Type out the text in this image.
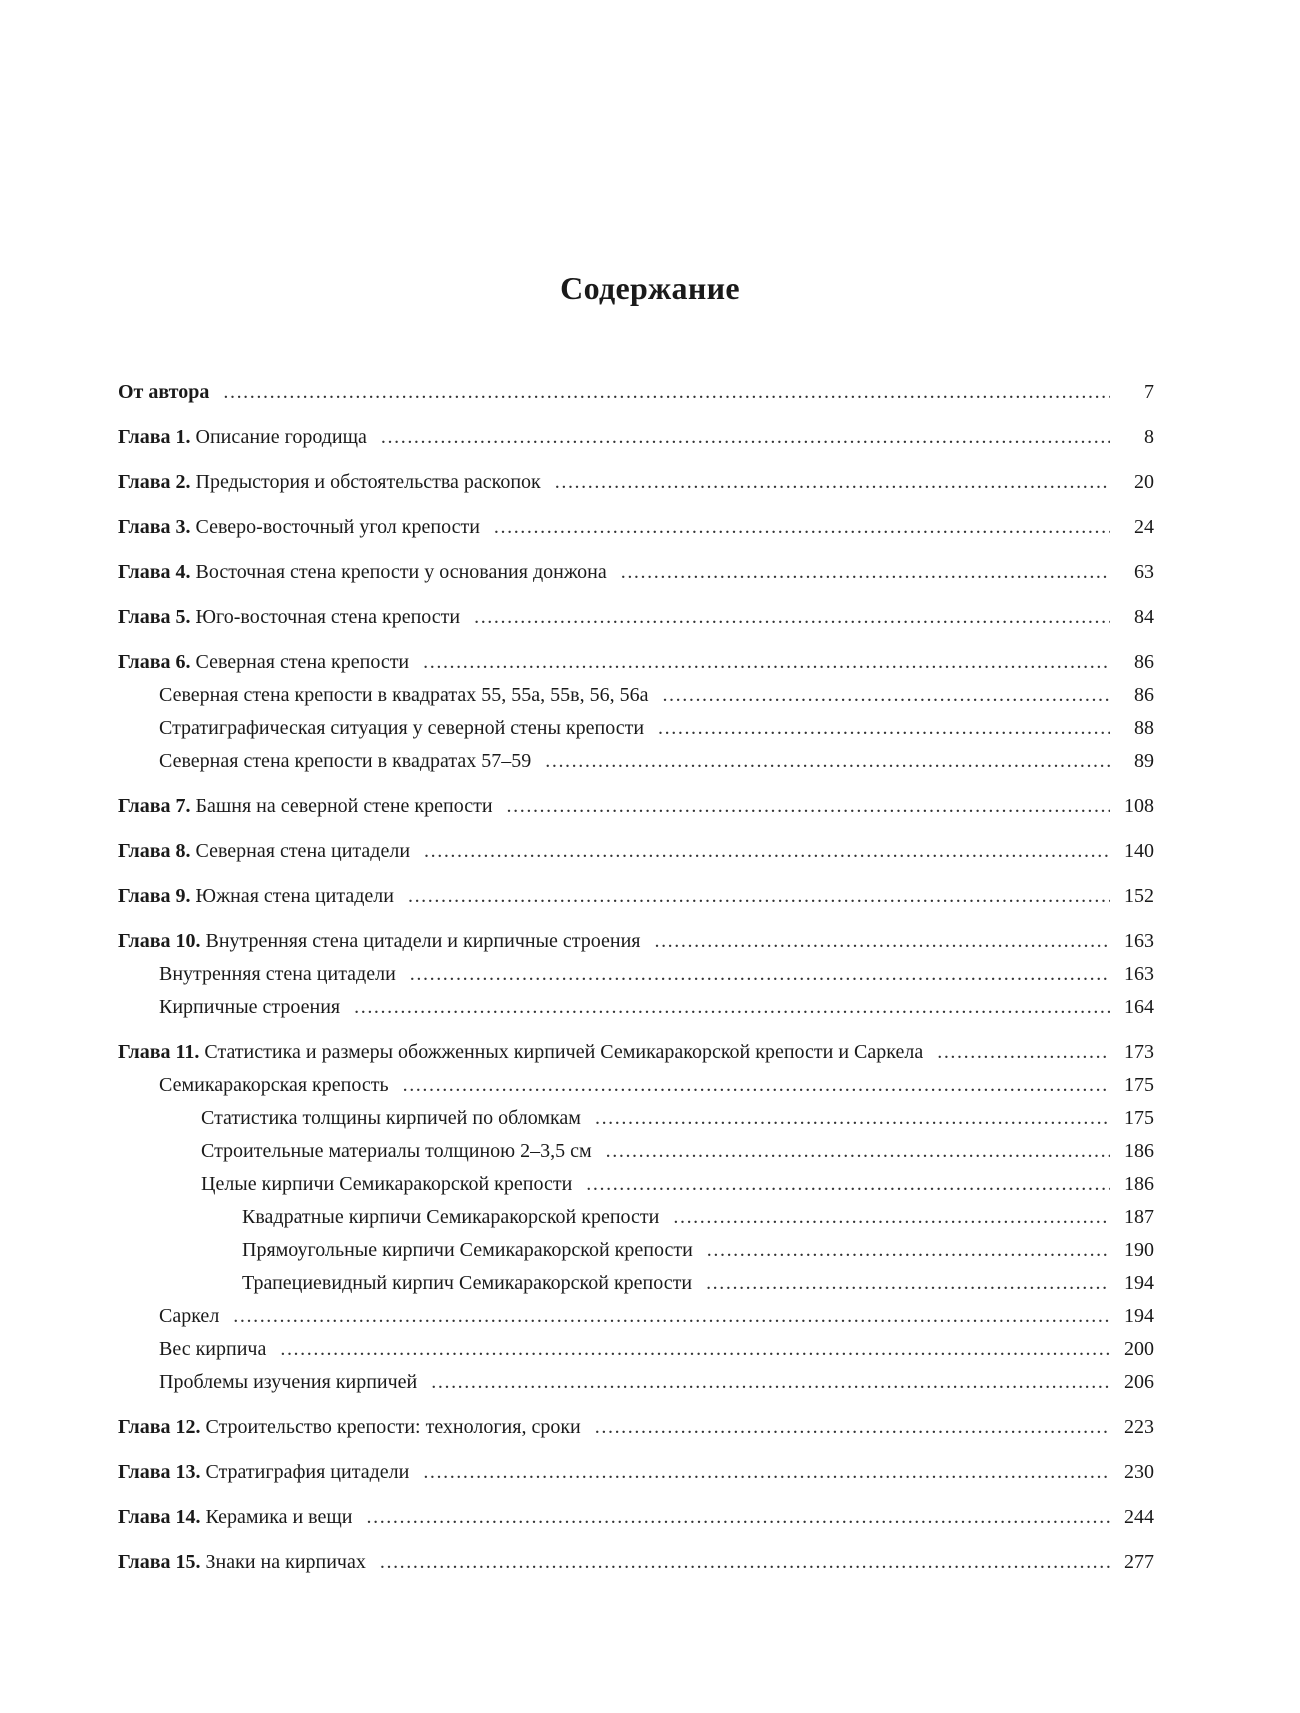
Содержание
От автора .....	7
Глава 1. Описание городища .....	8
Глава 2. Предыстория и обстоятельства раскопок .....	20
Глава 3. Северо-восточный угол крепости .....	24
Глава 4. Восточная стена крепости у основания донжона .....	63
Глава 5. Юго-восточная стена крепости .....	84
Глава 6. Северная стена крепости .....	86
Северная стена крепости в квадратах 55, 55а, 55в, 56, 56а .....	86
Стратиграфическая ситуация у северной стены крепости .....	88
Северная стена крепости в квадратах 57–59 .....	89
Глава 7. Башня на северной стене крепости .....	108
Глава 8. Северная стена цитадели .....	140
Глава 9. Южная стена цитадели .....	152
Глава 10. Внутренняя стена цитадели и кирпичные строения .....	163
Внутренняя стена цитадели .....	163
Кирпичные строения .....	164
Глава 11. Статистика и размеры обожженных кирпичей Семикаракорской крепости и Саркела .....	173
Семикаракорская крепость .....	175
Статистика толщины кирпичей по обломкам .....	175
Строительные материалы толщиною 2–3,5 см .....	186
Целые кирпичи Семикаракорской крепости .....	186
Квадратные кирпичи Семикаракорской крепости .....	187
Прямоугольные кирпичи Семикаракорской крепости .....	190
Трапециевидный кирпич Семикаракорской крепости .....	194
Саркел .....	194
Вес кирпича .....	200
Проблемы изучения кирпичей .....	206
Глава 12. Строительство крепости: технология, сроки .....	223
Глава 13. Стратиграфия цитадели .....	230
Глава 14. Керамика и вещи .....	244
Глава 15. Знаки на кирпичах .....	277
